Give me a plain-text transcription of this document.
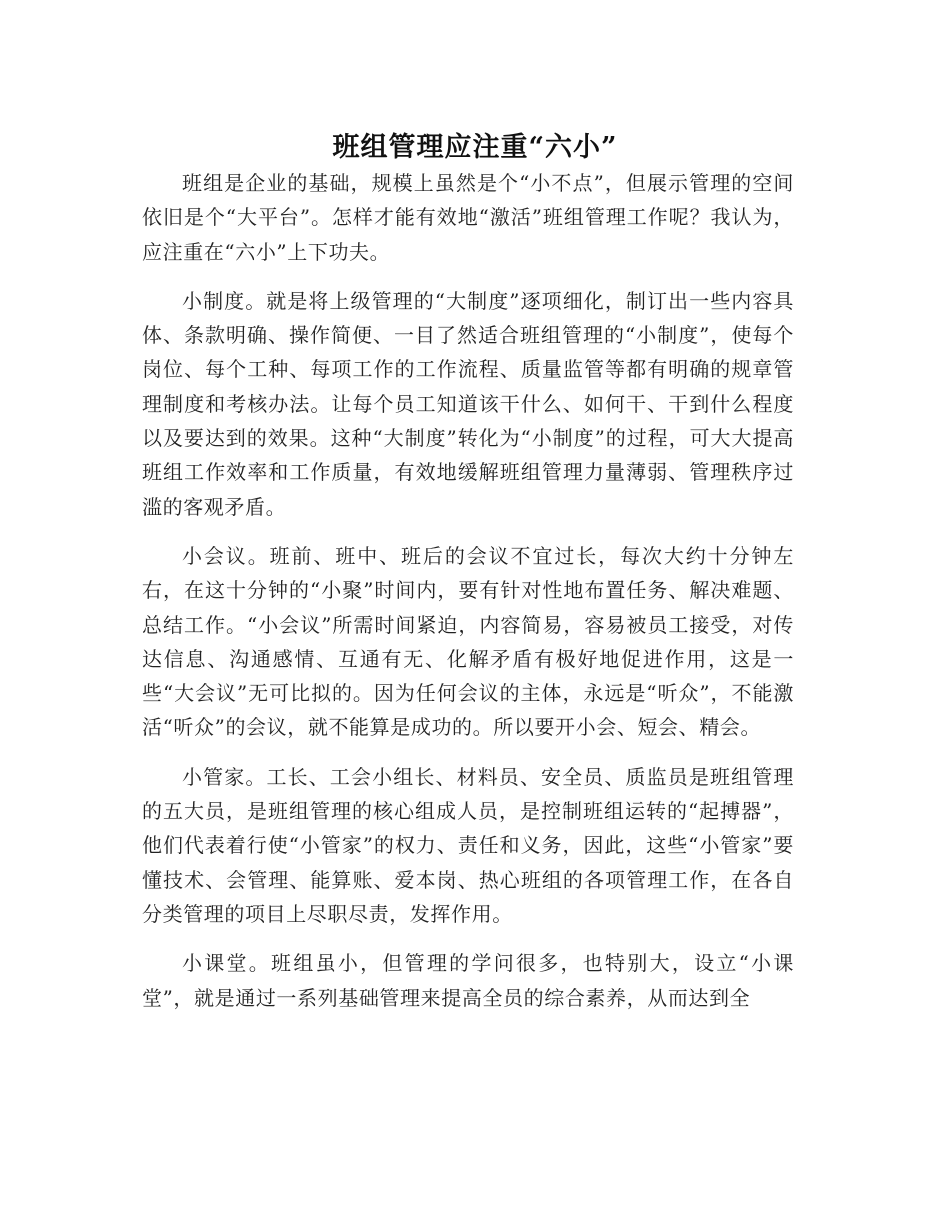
班组管理应注重“六小”

班组是企业的基础，规模上虽然是个“小不点”，但展示管理的空间依旧是个“大平台”。怎样才能有效地“激活”班组管理工作呢？我认为，应注重在“六小”上下功夫。

小制度。就是将上级管理的“大制度”逐项细化，制订出一些内容具体、条款明确、操作简便、一目了然适合班组管理的“小制度”，使每个岗位、每个工种、每项工作的工作流程、质量监管等都有明确的规章管理制度和考核办法。让每个员工知道该干什么、如何干、干到什么程度以及要达到的效果。这种“大制度”转化为“小制度”的过程，可大大提高班组工作效率和工作质量，有效地缓解班组管理力量薄弱、管理秩序过滥的客观矛盾。

小会议。班前、班中、班后的会议不宜过长，每次大约十分钟左右，在这十分钟的“小聚”时间内，要有针对性地布置任务、解决难题、总结工作。“小会议”所需时间紧迫，内容简易，容易被员工接受，对传达信息、沟通感情、互通有无、化解矛盾有极好地促进作用，这是一些“大会议”无可比拟的。因为任何会议的主体，永远是“听众”，不能激活“听众”的会议，就不能算是成功的。所以要开小会、短会、精会。

小管家。工长、工会小组长、材料员、安全员、质监员是班组管理的五大员，是班组管理的核心组成人员，是控制班组运转的“起搏器”，他们代表着行使“小管家”的权力、责任和义务，因此，这些“小管家”要懂技术、会管理、能算账、爱本岗、热心班组的各项管理工作，在各自分类管理的项目上尽职尽责，发挥作用。

小课堂。班组虽小，但管理的学问很多，也特别大，设立“小课堂”，就是通过一系列基础管理来提高全员的综合素养，从而达到全
